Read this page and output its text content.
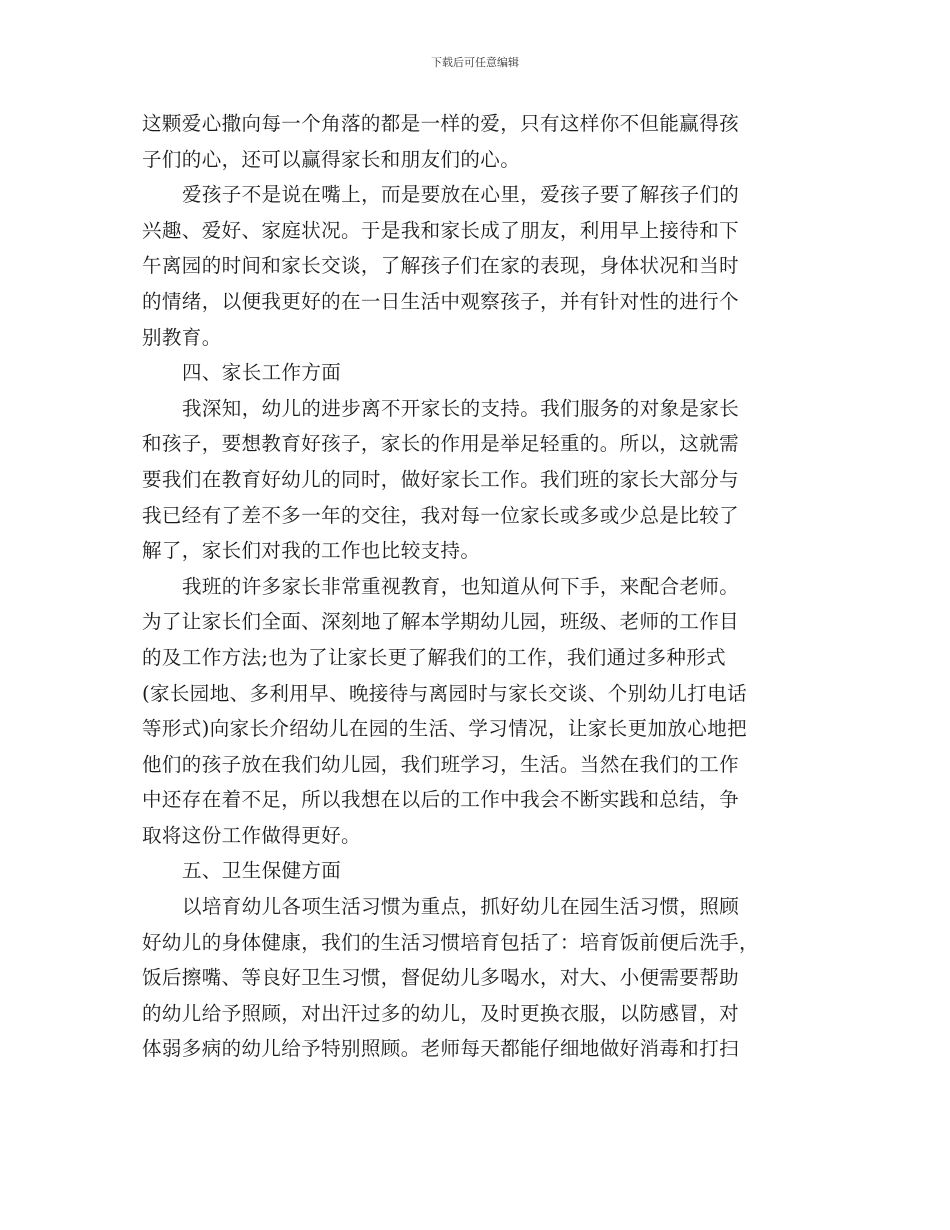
下载后可任意编辑
这颗爱心撒向每一个角落的都是一样的爱，只有这样你不但能赢得孩
子们的心，还可以赢得家长和朋友们的心。
爱孩子不是说在嘴上，而是要放在心里，爱孩子要了解孩子们的
兴趣、爱好、家庭状况。于是我和家长成了朋友，利用早上接待和下
午离园的时间和家长交谈，了解孩子们在家的表现，身体状况和当时
的情绪，以便我更好的在一日生活中观察孩子，并有针对性的进行个
别教育。
四、家长工作方面
我深知，幼儿的进步离不开家长的支持。我们服务的对象是家长
和孩子，要想教育好孩子，家长的作用是举足轻重的。所以，这就需
要我们在教育好幼儿的同时，做好家长工作。我们班的家长大部分与
我已经有了差不多一年的交往，我对每一位家长或多或少总是比较了
解了，家长们对我的工作也比较支持。
我班的许多家长非常重视教育，也知道从何下手，来配合老师。
为了让家长们全面、深刻地了解本学期幼儿园，班级、老师的工作目
的及工作方法;也为了让家长更了解我们的工作，我们通过多种形式
(家长园地、多利用早、晚接待与离园时与家长交谈、个别幼儿打电话
等形式)向家长介绍幼儿在园的生活、学习情况，让家长更加放心地把
他们的孩子放在我们幼儿园，我们班学习，生活。当然在我们的工作
中还存在着不足，所以我想在以后的工作中我会不断实践和总结，争
取将这份工作做得更好。
五、卫生保健方面
以培育幼儿各项生活习惯为重点，抓好幼儿在园生活习惯，照顾
好幼儿的身体健康，我们的生活习惯培育包括了：培育饭前便后洗手，
饭后擦嘴、等良好卫生习惯，督促幼儿多喝水，对大、小便需要帮助
的幼儿给予照顾，对出汗过多的幼儿，及时更换衣服，以防感冒，对
体弱多病的幼儿给予特别照顾。老师每天都能仔细地做好消毒和打扫
